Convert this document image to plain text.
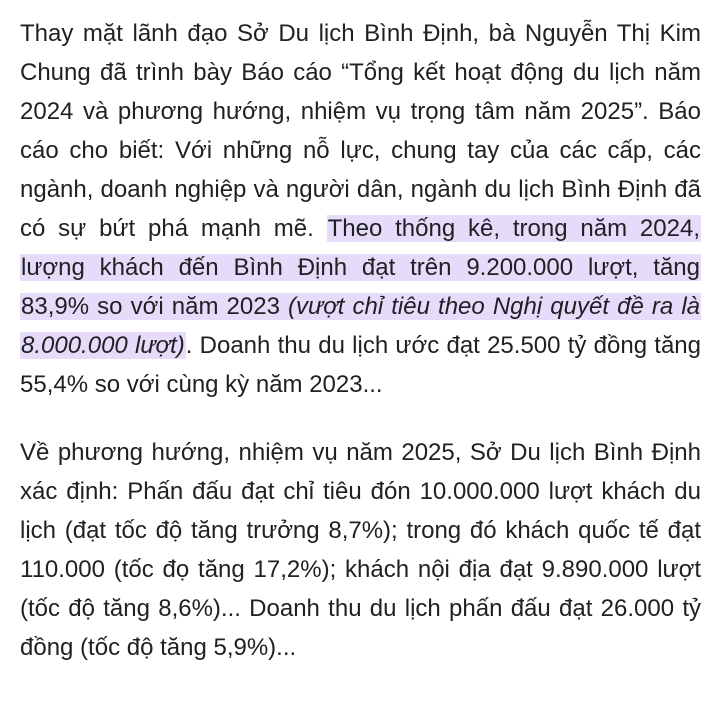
Thay mặt lãnh đạo Sở Du lịch Bình Định, bà Nguyễn Thị Kim Chung đã trình bày Báo cáo “Tổng kết hoạt động du lịch năm 2024 và phương hướng, nhiệm vụ trọng tâm năm 2025”. Báo cáo cho biết: Với những nỗ lực, chung tay của các cấp, các ngành, doanh nghiệp và người dân, ngành du lịch Bình Định đã có sự bứt phá mạnh mẽ. Theo thống kê, trong năm 2024, lượng khách đến Bình Định đạt trên 9.200.000 lượt, tăng 83,9% so với năm 2023 (vượt chỉ tiêu theo Nghị quyết đề ra là 8.000.000 lượt). Doanh thu du lịch ước đạt 25.500 tỷ đồng tăng 55,4% so với cùng kỳ năm 2023...

Về phương hướng, nhiệm vụ năm 2025, Sở Du lịch Bình Định xác định: Phấn đấu đạt chỉ tiêu đón 10.000.000 lượt khách du lịch (đạt tốc độ tăng trưởng 8,7%); trong đó khách quốc tế đạt 110.000 (tốc đọ tăng 17,2%); khách nội địa đạt 9.890.000 lượt (tốc độ tăng 8,6%)... Doanh thu du lịch phấn đấu đạt 26.000 tỷ đồng (tốc độ tăng 5,9%)...
